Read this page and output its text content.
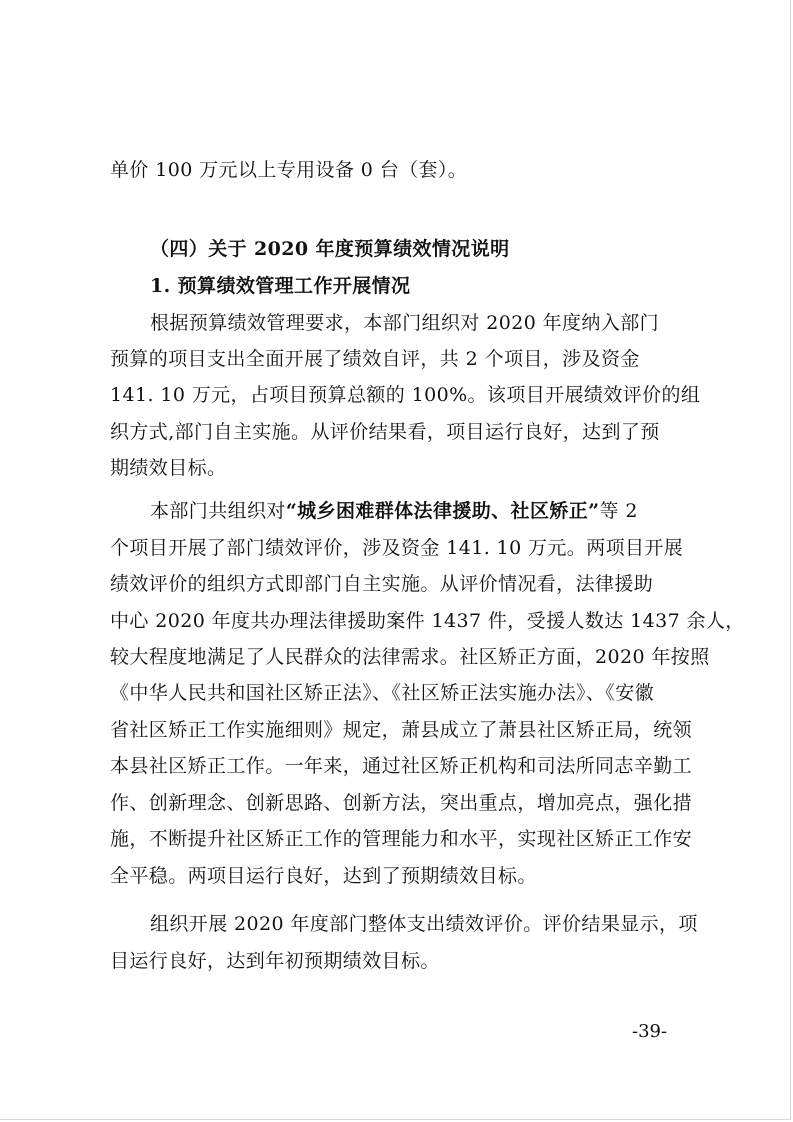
单价 100 万元以上专用设备 0 台（套）。
（四）关于 2020 年度预算绩效情况说明
1. 预算绩效管理工作开展情况
根据预算绩效管理要求，本部门组织对 2020 年度纳入部门
预算的项目支出全面开展了绩效自评，共 2 个项目，涉及资金
141. 10 万元，占项目预算总额的 100%。该项目开展绩效评价的组
织方式,部门自主实施。从评价结果看，项目运行良好，达到了预
期绩效目标。
本部门共组织对“城乡困难群体法律援助、社区矫正”等 2
个项目开展了部门绩效评价，涉及资金 141. 10 万元。两项目开展
绩效评价的组织方式即部门自主实施。从评价情况看，法律援助
中心 2020 年度共办理法律援助案件 1437 件，受援人数达 1437 余人，
较大程度地满足了人民群众的法律需求。社区矫正方面，2020 年按照
《中华人民共和国社区矫正法》、《社区矫正法实施办法》、《安徽
省社区矫正工作实施细则》规定，萧县成立了萧县社区矫正局，统领
本县社区矫正工作。一年来，通过社区矫正机构和司法所同志辛勤工
作、创新理念、创新思路、创新方法，突出重点，增加亮点，强化措
施，不断提升社区矫正工作的管理能力和水平，实现社区矫正工作安
全平稳。两项目运行良好，达到了预期绩效目标。
组织开展 2020 年度部门整体支出绩效评价。评价结果显示，项
目运行良好，达到年初预期绩效目标。
-39-
